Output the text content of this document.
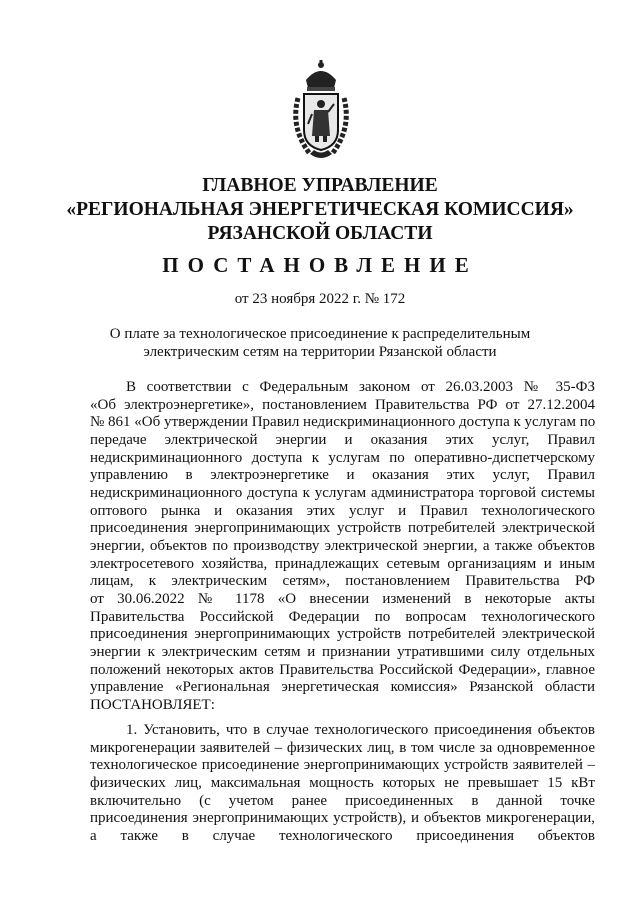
ГЛАВНОЕ УПРАВЛЕНИЕ
«РЕГИОНАЛЬНАЯ ЭНЕРГЕТИЧЕСКАЯ КОМИССИЯ»
РЯЗАНСКОЙ ОБЛАСТИ
ПОСТАНОВЛЕНИЕ
от 23 ноября 2022 г. № 172
О плате за технологическое присоединение к распределительным
электрическим сетям на территории Рязанской области
В соответствии с Федеральным законом от 26.03.2003 № 35-ФЗ
«Об электроэнергетике», постановлением Правительства РФ от 27.12.2004
№ 861 «Об утверждении Правил недискриминационного доступа к услугам по
передаче электрической энергии и оказания этих услуг, Правил
недискриминационного доступа к услугам по оперативно-диспетчерскому
управлению в электроэнергетике и оказания этих услуг, Правил
недискриминационного доступа к услугам администратора торговой системы
оптового рынка и оказания этих услуг и Правил технологического
присоединения энергопринимающих устройств потребителей электрической
энергии, объектов по производству электрической энергии, а также объектов
электросетевого хозяйства, принадлежащих сетевым организациям и иным
лицам, к электрическим сетям», постановлением Правительства РФ
от 30.06.2022 № 1178 «О внесении изменений в некоторые акты
Правительства Российской Федерации по вопросам технологического
присоединения энергопринимающих устройств потребителей электрической
энергии к электрическим сетям и признании утратившими силу отдельных
положений некоторых актов Правительства Российской Федерации», главное
управление «Региональная энергетическая комиссия» Рязанской области
ПОСТАНОВЛЯЕТ:
1. Установить, что в случае технологического присоединения объектов
микрогенерации заявителей – физических лиц, в том числе за одновременное
технологическое присоединение энергопринимающих устройств заявителей –
физических лиц, максимальная мощность которых не превышает 15 кВт
включительно (с учетом ранее присоединенных в данной точке
присоединения энергопринимающих устройств), и объектов микрогенерации,
а также в случае технологического присоединения объектов
